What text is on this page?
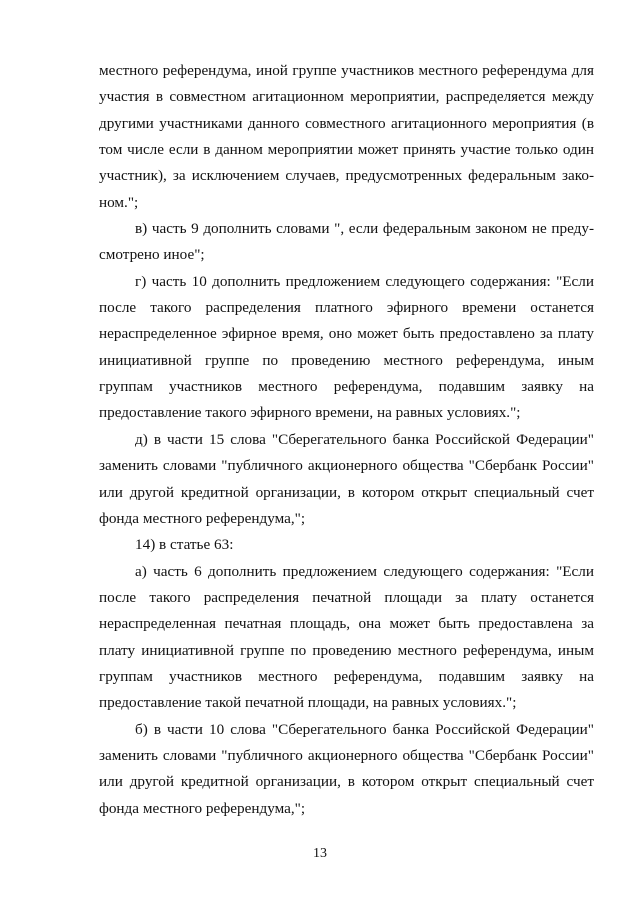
местного референдума, иной группе участников местного референдума для участия в совместном агитационном мероприятии, распределяется между другими участниками данного совместного агитационного мероприятия (в том числе если в данном мероприятии может принять участие только один участник), за исключением случаев, предусмотренных федеральным законом.";

в) часть 9 дополнить словами ", если федеральным законом не предусмотрено иное";

г) часть 10 дополнить предложением следующего содержания: "Если после такого распределения платного эфирного времени останется нераспределенное эфирное время, оно может быть предоставлено за плату инициативной группе по проведению местного референдума, иным группам участников местного референдума, подавшим заявку на предоставление такого эфирного времени, на равных условиях.";

д) в части 15 слова "Сберегательного банка Российской Федерации" заменить словами "публичного акционерного общества "Сбербанк России" или другой кредитной организации, в котором открыт специальный счет фонда местного референдума,";

14) в статье 63:

а) часть 6 дополнить предложением следующего содержания: "Если после такого распределения печатной площади за плату останется нераспределенная печатная площадь, она может быть предоставлена за плату инициативной группе по проведению местного референдума, иным группам участников местного референдума, подавшим заявку на предоставление такой печатной площади, на равных условиях.";

б) в части 10 слова "Сберегательного банка Российской Федерации" заменить словами "публичного акционерного общества "Сбербанк России" или другой кредитной организации, в котором открыт специальный счет фонда местного референдума,";

13
